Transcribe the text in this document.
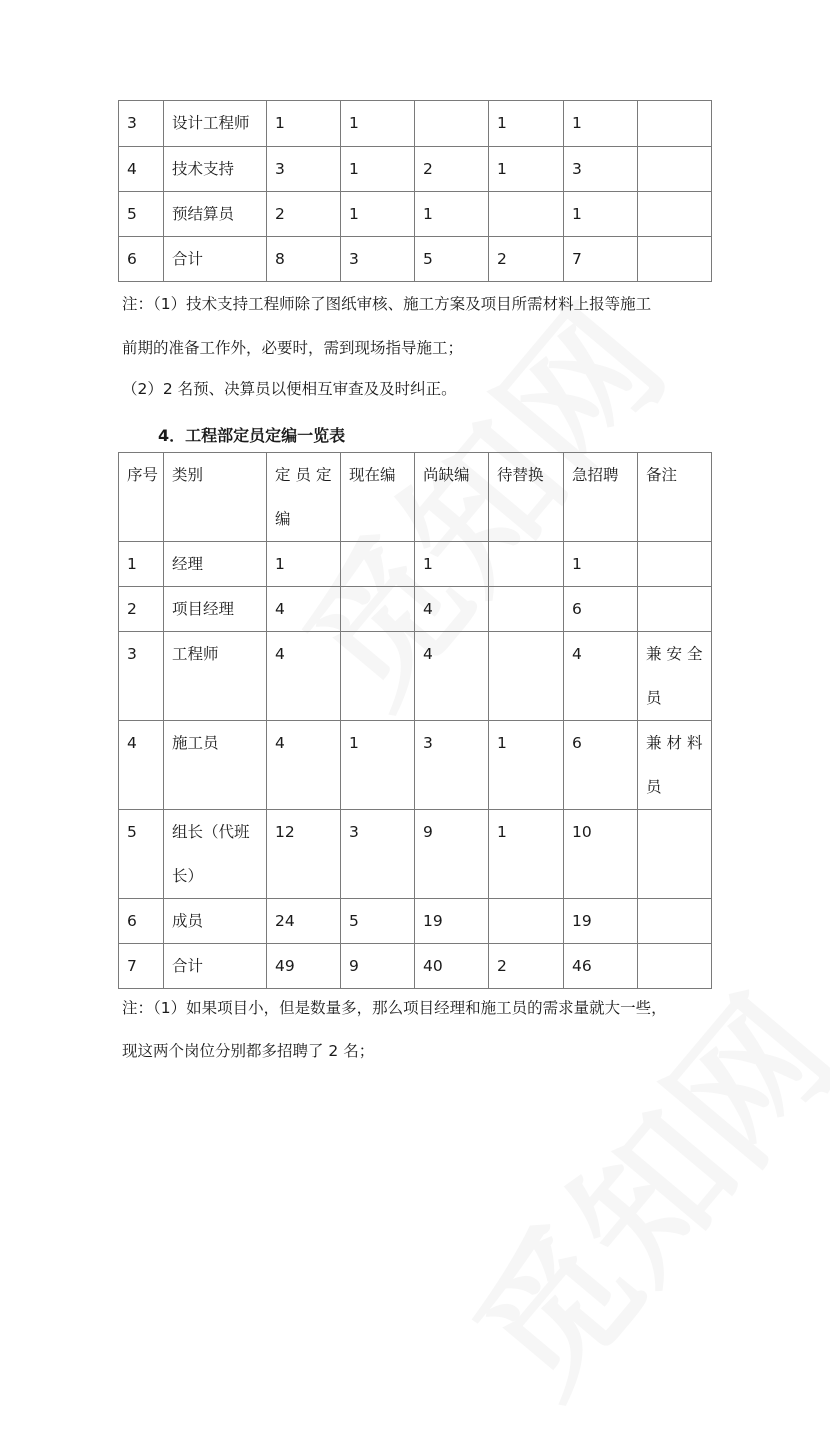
3	设计工程师	1	1		1	1	
4	技术支持	3	1	2	1	3	
5	预结算员	2	1	1		1	
6	合计	8	3	5	2	7	
注：（1）技术支持工程师除了图纸审核、施工方案及项目所需材料上报等施工
前期的准备工作外，必要时，需到现场指导施工；
（2）2 名预、决算员以便相互审查及及时纠正。
4．工程部定员定编一览表
序号	类别	定员定编	现在编	尚缺编	待替换	急招聘	备注
1	经理	1		1		1	
2	项目经理	4		4		6	
3	工程师	4		4		4	兼安全员
4	施工员	4	1	3	1	6	兼材料员
5	组长（代班长）	12	3	9	1	10	
6	成员	24	5	19		19	
7	合计	49	9	40	2	46	
注：（1）如果项目小，但是数量多，那么项目经理和施工员的需求量就大一些，
现这两个岗位分别都多招聘了 2 名；
